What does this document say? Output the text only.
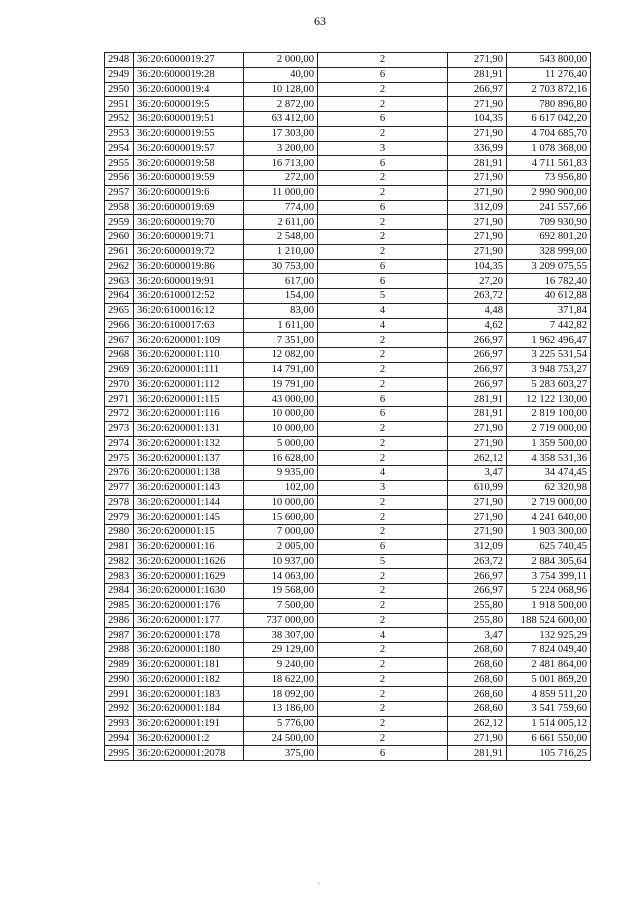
63
2948	36:20:6000019:27	2 000,00	2	271,90	543 800,00
2949	36:20:6000019:28	40,00	6	281,91	11 276,40
2950	36:20:6000019:4	10 128,00	2	266,97	2 703 872,16
2951	36:20:6000019:5	2 872,00	2	271,90	780 896,80
2952	36:20:6000019:51	63 412,00	6	104,35	6 617 042,20
2953	36:20:6000019:55	17 303,00	2	271,90	4 704 685,70
2954	36:20:6000019:57	3 200,00	3	336,99	1 078 368,00
2955	36:20:6000019:58	16 713,00	6	281,91	4 711 561,83
2956	36:20:6000019:59	272,00	2	271,90	73 956,80
2957	36:20:6000019:6	11 000,00	2	271,90	2 990 900,00
2958	36:20:6000019:69	774,00	6	312,09	241 557,66
2959	36:20:6000019:70	2 611,00	2	271,90	709 930,90
2960	36:20:6000019:71	2 548,00	2	271,90	692 801,20
2961	36:20:6000019:72	1 210,00	2	271,90	328 999,00
2962	36:20:6000019:86	30 753,00	6	104,35	3 209 075,55
2963	36:20:6000019:91	617,00	6	27,20	16 782,40
2964	36:20:6100012:52	154,00	5	263,72	40 612,88
2965	36:20:6100016:12	83,00	4	4,48	371,84
2966	36:20:6100017:63	1 611,00	4	4,62	7 442,82
2967	36:20:6200001:109	7 351,00	2	266,97	1 962 496,47
2968	36:20:6200001:110	12 082,00	2	266,97	3 225 531,54
2969	36:20:6200001:111	14 791,00	2	266,97	3 948 753,27
2970	36:20:6200001:112	19 791,00	2	266,97	5 283 603,27
2971	36:20:6200001:115	43 000,00	6	281,91	12 122 130,00
2972	36:20:6200001:116	10 000,00	6	281,91	2 819 100,00
2973	36:20:6200001:131	10 000,00	2	271,90	2 719 000,00
2974	36:20:6200001:132	5 000,00	2	271,90	1 359 500,00
2975	36:20:6200001:137	16 628,00	2	262,12	4 358 531,36
2976	36:20:6200001:138	9 935,00	4	3,47	34 474,45
2977	36:20:6200001:143	102,00	3	610,99	62 320,98
2978	36:20:6200001:144	10 000,00	2	271,90	2 719 000,00
2979	36:20:6200001:145	15 600,00	2	271,90	4 241 640,00
2980	36:20:6200001:15	7 000,00	2	271,90	1 903 300,00
2981	36:20:6200001:16	2 005,00	6	312,09	625 740,45
2982	36:20:6200001:1626	10 937,00	5	263,72	2 884 305,64
2983	36:20:6200001:1629	14 063,00	2	266,97	3 754 399,11
2984	36:20:6200001:1630	19 568,00	2	266,97	5 224 068,96
2985	36:20:6200001:176	7 500,00	2	255,80	1 918 500,00
2986	36:20:6200001:177	737 000,00	2	255,80	188 524 600,00
2987	36:20:6200001:178	38 307,00	4	3,47	132 925,29
2988	36:20:6200001:180	29 129,00	2	268,60	7 824 049,40
2989	36:20:6200001:181	9 240,00	2	268,60	2 481 864,00
2990	36:20:6200001:182	18 622,00	2	268,60	5 001 869,20
2991	36:20:6200001:183	18 092,00	2	268,60	4 859 511,20
2992	36:20:6200001:184	13 186,00	2	268,60	3 541 759,60
2993	36:20:6200001:191	5 776,00	2	262,12	1 514 005,12
2994	36:20:6200001:2	24 500,00	2	271,90	6 661 550,00
2995	36:20:6200001:2078	375,00	6	281,91	105 716,25
